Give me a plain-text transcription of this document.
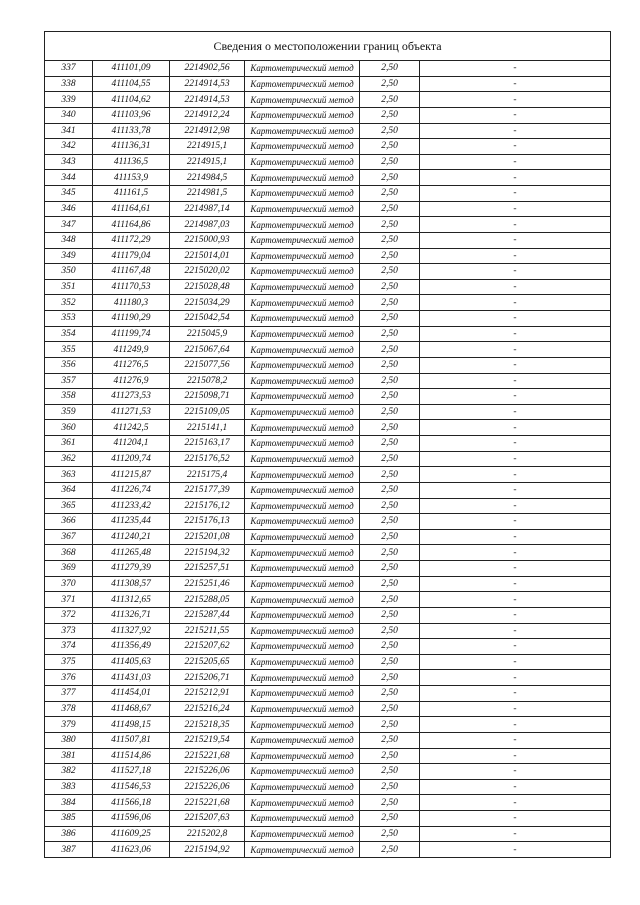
Сведения о местоположении границ объекта					
337	411101,09	2214902,56	Картометрический метод	2,50	-
338	411104,55	2214914,53	Картометрический метод	2,50	-
339	411104,62	2214914,53	Картометрический метод	2,50	-
340	411103,96	2214912,24	Картометрический метод	2,50	-
341	411133,78	2214912,98	Картометрический метод	2,50	-
342	411136,31	2214915,1	Картометрический метод	2,50	-
343	411136,5	2214915,1	Картометрический метод	2,50	-
344	411153,9	2214984,5	Картометрический метод	2,50	-
345	411161,5	2214981,5	Картометрический метод	2,50	-
346	411164,61	2214987,14	Картометрический метод	2,50	-
347	411164,86	2214987,03	Картометрический метод	2,50	-
348	411172,29	2215000,93	Картометрический метод	2,50	-
349	411179,04	2215014,01	Картометрический метод	2,50	-
350	411167,48	2215020,02	Картометрический метод	2,50	-
351	411170,53	2215028,48	Картометрический метод	2,50	-
352	411180,3	2215034,29	Картометрический метод	2,50	-
353	411190,29	2215042,54	Картометрический метод	2,50	-
354	411199,74	2215045,9	Картометрический метод	2,50	-
355	411249,9	2215067,64	Картометрический метод	2,50	-
356	411276,5	2215077,56	Картометрический метод	2,50	-
357	411276,9	2215078,2	Картометрический метод	2,50	-
358	411273,53	2215098,71	Картометрический метод	2,50	-
359	411271,53	2215109,05	Картометрический метод	2,50	-
360	411242,5	2215141,1	Картометрический метод	2,50	-
361	411204,1	2215163,17	Картометрический метод	2,50	-
362	411209,74	2215176,52	Картометрический метод	2,50	-
363	411215,87	2215175,4	Картометрический метод	2,50	-
364	411226,74	2215177,39	Картометрический метод	2,50	-
365	411233,42	2215176,12	Картометрический метод	2,50	-
366	411235,44	2215176,13	Картометрический метод	2,50	-
367	411240,21	2215201,08	Картометрический метод	2,50	-
368	411265,48	2215194,32	Картометрический метод	2,50	-
369	411279,39	2215257,51	Картометрический метод	2,50	-
370	411308,57	2215251,46	Картометрический метод	2,50	-
371	411312,65	2215288,05	Картометрический метод	2,50	-
372	411326,71	2215287,44	Картометрический метод	2,50	-
373	411327,92	2215211,55	Картометрический метод	2,50	-
374	411356,49	2215207,62	Картометрический метод	2,50	-
375	411405,63	2215205,65	Картометрический метод	2,50	-
376	411431,03	2215206,71	Картометрический метод	2,50	-
377	411454,01	2215212,91	Картометрический метод	2,50	-
378	411468,67	2215216,24	Картометрический метод	2,50	-
379	411498,15	2215218,35	Картометрический метод	2,50	-
380	411507,81	2215219,54	Картометрический метод	2,50	-
381	411514,86	2215221,68	Картометрический метод	2,50	-
382	411527,18	2215226,06	Картометрический метод	2,50	-
383	411546,53	2215226,06	Картометрический метод	2,50	-
384	411566,18	2215221,68	Картометрический метод	2,50	-
385	411596,06	2215207,63	Картометрический метод	2,50	-
386	411609,25	2215202,8	Картометрический метод	2,50	-
387	411623,06	2215194,92	Картометрический метод	2,50	-
